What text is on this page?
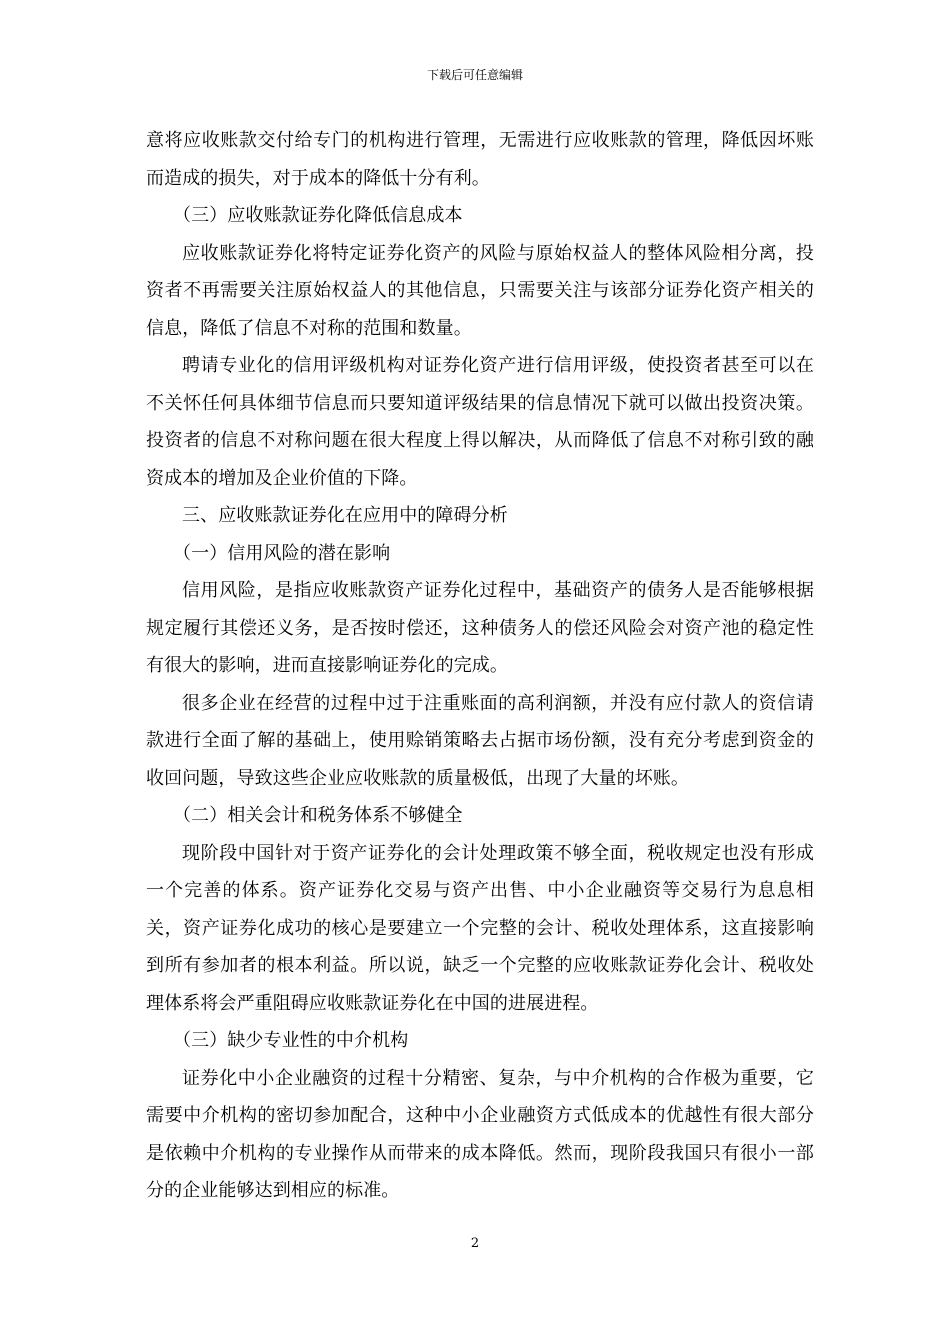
下载后可任意编辑

意将应收账款交付给专门的机构进行管理，无需进行应收账款的管理，降低因坏账而造成的损失，对于成本的降低十分有利。

（三）应收账款证券化降低信息成本

应收账款证券化将特定证券化资产的风险与原始权益人的整体风险相分离，投资者不再需要关注原始权益人的其他信息，只需要关注与该部分证券化资产相关的信息，降低了信息不对称的范围和数量。

聘请专业化的信用评级机构对证券化资产进行信用评级，使投资者甚至可以在不关怀任何具体细节信息而只要知道评级结果的信息情况下就可以做出投资决策。投资者的信息不对称问题在很大程度上得以解决，从而降低了信息不对称引致的融资成本的增加及企业价值的下降。

三、应收账款证券化在应用中的障碍分析

（一）信用风险的潜在影响

信用风险，是指应收账款资产证券化过程中，基础资产的债务人是否能够根据规定履行其偿还义务，是否按时偿还，这种债务人的偿还风险会对资产池的稳定性有很大的影响，进而直接影响证券化的完成。

很多企业在经营的过程中过于注重账面的高利润额，并没有应付款人的资信请款进行全面了解的基础上，使用赊销策略去占据市场份额，没有充分考虑到资金的收回问题，导致这些企业应收账款的质量极低，出现了大量的坏账。

（二）相关会计和税务体系不够健全

现阶段中国针对于资产证券化的会计处理政策不够全面，税收规定也没有形成一个完善的体系。资产证券化交易与资产出售、中小企业融资等交易行为息息相关，资产证券化成功的核心是要建立一个完整的会计、税收处理体系，这直接影响到所有参加者的根本利益。所以说，缺乏一个完整的应收账款证券化会计、税收处理体系将会严重阻碍应收账款证券化在中国的进展进程。

（三）缺少专业性的中介机构

证券化中小企业融资的过程十分精密、复杂，与中介机构的合作极为重要，它需要中介机构的密切参加配合，这种中小企业融资方式低成本的优越性有很大部分是依赖中介机构的专业操作从而带来的成本降低。然而，现阶段我国只有很小一部分的企业能够达到相应的标准。

2
